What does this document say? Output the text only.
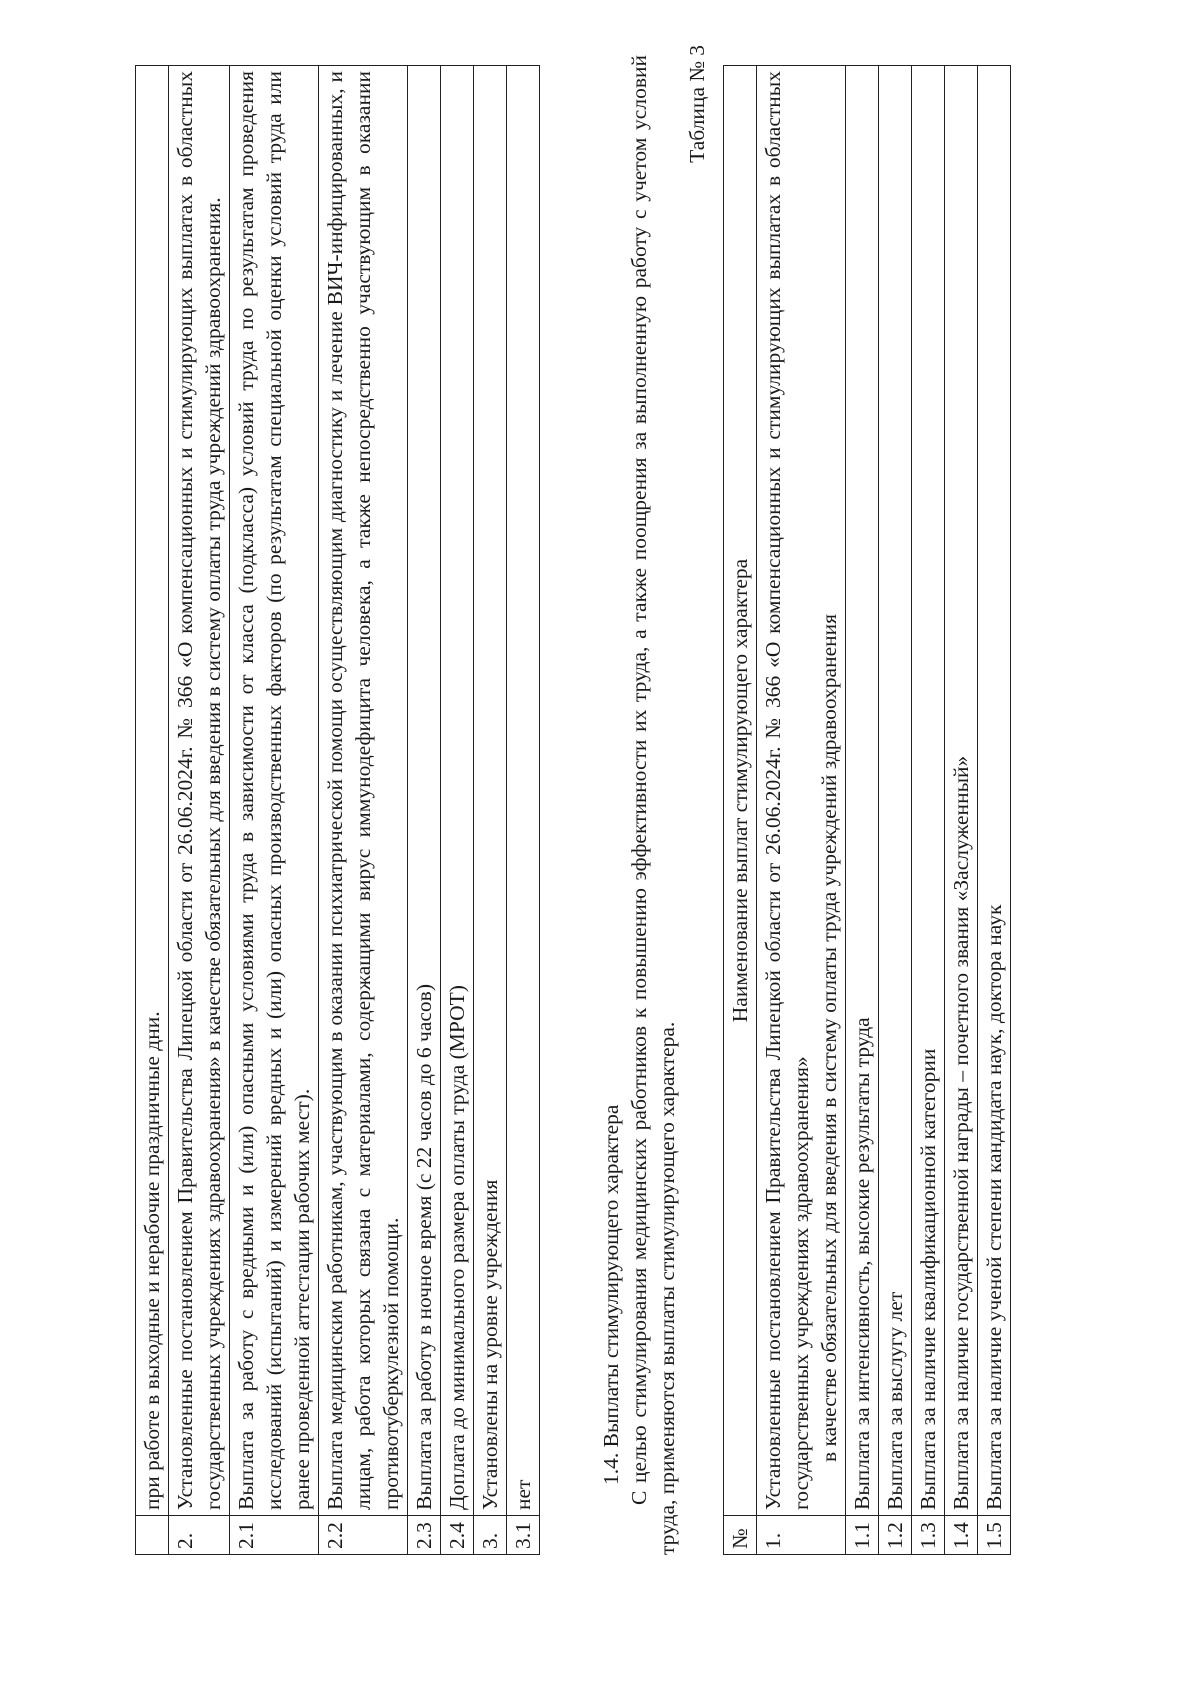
	при работе в выходные и нерабочие праздничные дни.
2.	Установленные постановлением Правительства Липецкой области от 26.06.2024г. № 366 «О компенсационных и стимулирующих выплатах в областных государственных учреждениях здравоохранения» в качестве обязательных для введения в систему оплаты труда учреждений здравоохранения.
2.1	Выплата за работу с вредными и (или) опасными условиями труда в зависимости от класса (подкласса) условий труда по результатам проведения исследований (испытаний) и измерений вредных и (или) опасных производственных факторов (по результатам специальной оценки условий труда или ранее проведенной аттестации рабочих мест).
2.2	Выплата медицинским работникам, участвующим в оказании психиатрической помощи осуществляющим диагностику и лечение ВИЧ-инфицированных, и лицам, работа которых связана с материалами, содержащими вирус иммунодефицита человека, а также непосредственно участвующим в оказании противотуберкулезной помощи.
2.3	Выплата за работу в ночное время (с 22 часов до 6 часов)
2.4	Доплата до минимального размера оплаты труда (МРОТ)
3.	Установлены на уровне учреждения
3.1	нет
1.4. Выплаты стимулирующего характера С целью стимулирования медицинских работников к повышению эффективности их труда, а также поощрения за выполненную работу с учетом условий труда, применяются выплаты стимулирующего характера.
Таблица № 3
№	Наименование выплат стимулирующего характера
1.	Установленные постановлением Правительства Липецкой области от 26.06.2024г. № 366 «О компенсационных и стимулирующих выплатах в областных государственных учреждениях здравоохранения» в качестве обязательных для введения в систему оплаты труда учреждений здравоохранения

1.1	Выплата за интенсивность, высокие результаты труда
1.2	Выплата за выслугу лет
1.3	Выплата за наличие квалификационной категории
1.4	Выплата за наличие государственной награды – почетного звания «Заслуженный»
1.5	Выплата за наличие ученой степени кандидата наук, доктора наук
